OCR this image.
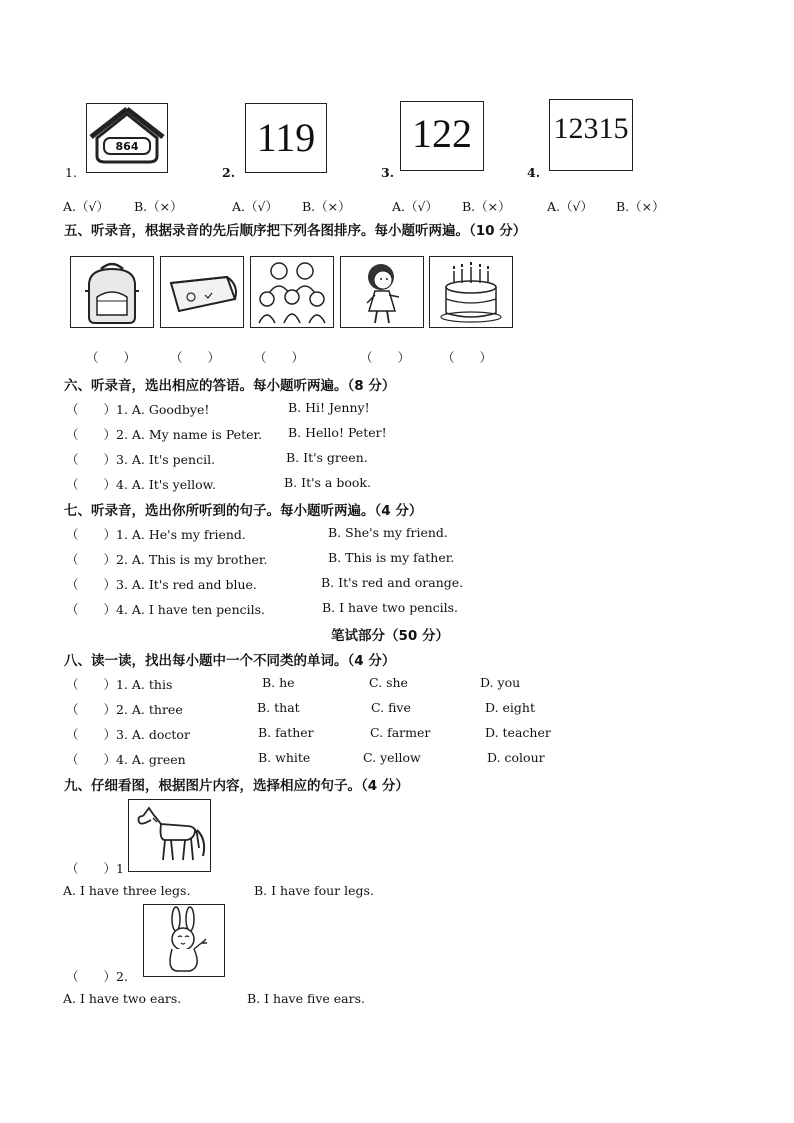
864
1.
119
2.
122
3.
12315
4.
A.（√） B.（×）	A.（√） B.（×）	A.（√） B.（×）	A.（√） B.（×）
五、听录音，根据录音的先后顺序把下列各图排序。每小题听两遍。（10 分）
（　　）	（　　）	（　　）	（　　）	（　　）
六、听录音，选出相应的答语。每小题听两遍。（8 分）
（　　）1. A. Goodbye!	B. Hi! Jenny!
（　　）2. A. My name is Peter. B. Hello! Peter!
（　　）3. A. It's pencil.	B. It's green.
（　　）4. A. It's yellow.	B. It's a book.
七、听录音，选出你所听到的句子。每小题听两遍。（4 分）
（　　）1. A. He's my friend.	B. She's my friend.
（　　）2. A. This is my brother.	B. This is my father.
（　　）3. A. It's red and blue.	B. It's red and orange.
（　　）4. A. I have ten pencils.	B. I have two pencils.
笔试部分（50 分）
八、读一读，找出每小题中一个不同类的单词。（4 分）
（　　）1. A. this	B. he	C. she	D. you
（　　）2. A. three	B. that	C. five	D. eight
（　　）3. A. doctor	B. father	C. farmer	D. teacher
（　　）4. A. green	B. white	C. yellow	D. colour
九、仔细看图，根据图片内容，选择相应的句子。（4 分）
（　　）1
A. I have three legs.	B. I have four legs.
（　　）2.
A. I have two ears.	B. I have five ears.
